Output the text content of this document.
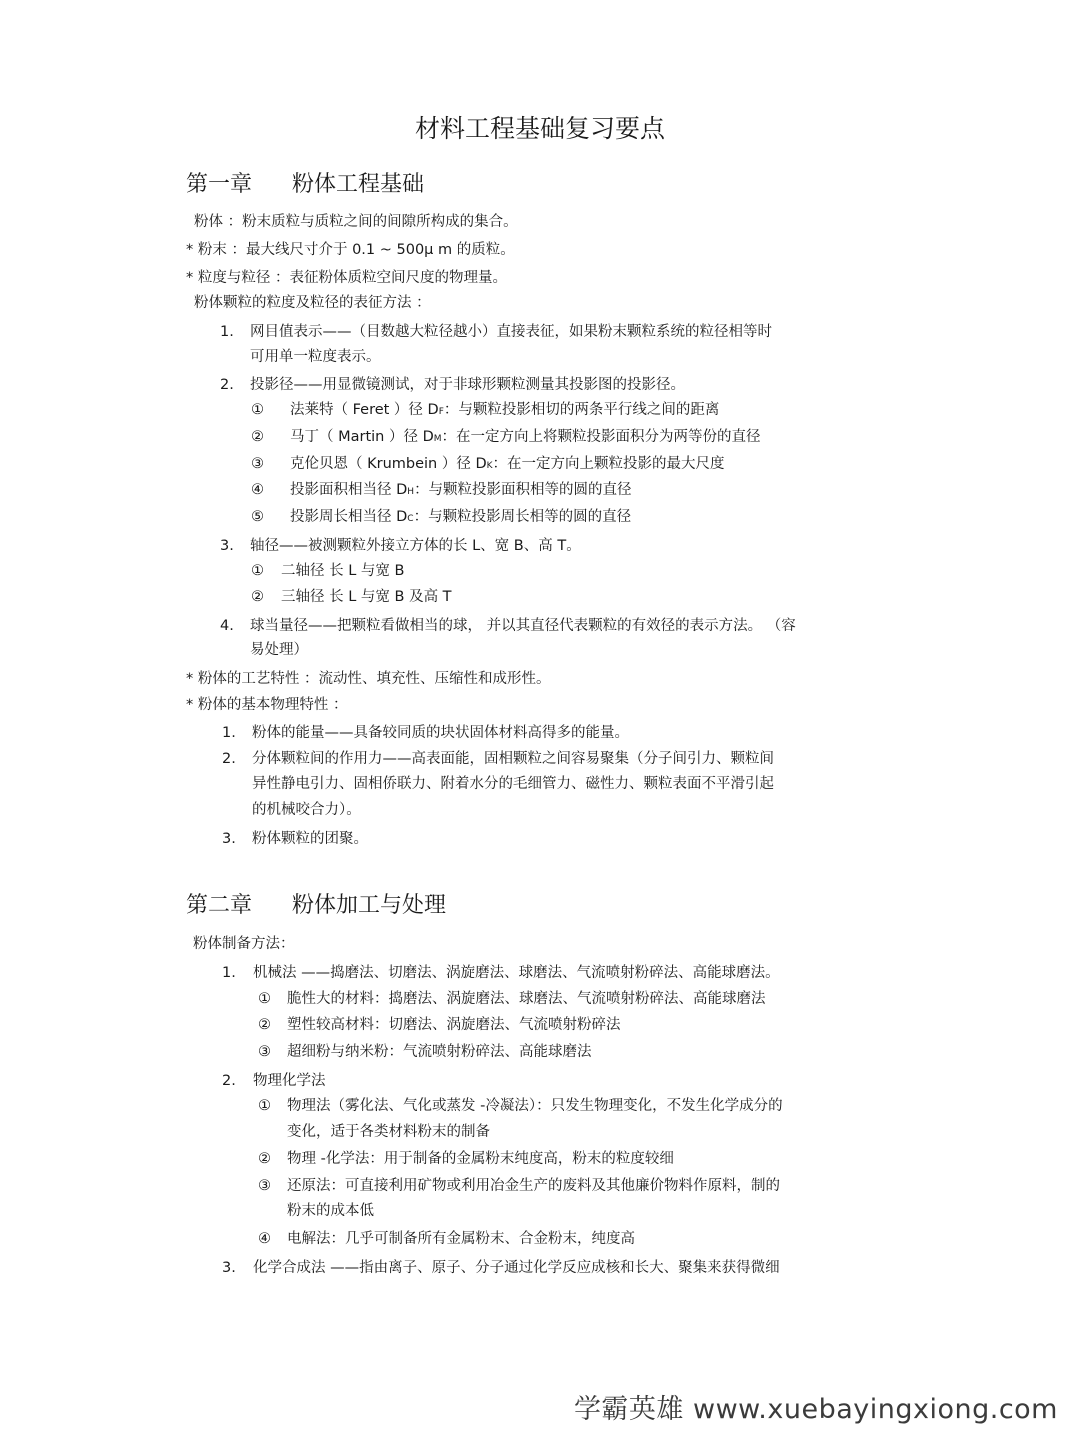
材料工程基础复习要点
第一章 粉体工程基础
粉体 ：粉末质粒与质粒之间的间隙所构成的集合。
* 粉末 ：最大线尺寸介于 0.1 ~ 500μ m 的质粒。
* 粒度与粒径 ：表征粉体质粒空间尺度的物理量。
粉体颗粒的粒度及粒径的表征方法 ：
1. 网目值表示——（目数越大粒径越小）直接表征，如果粉末颗粒系统的粒径相等时
可用单一粒度表示。
2. 投影径——用显微镜测试，对于非球形颗粒测量其投影图的投影径。
① 法莱特（ Feret ）径 DF：与颗粒投影相切的两条平行线之间的距离
② 马丁（ Martin ）径 DM：在一定方向上将颗粒投影面积分为两等份的直径
③ 克伦贝恩（ Krumbein ）径 DK：在一定方向上颗粒投影的最大尺度
④ 投影面积相当径 DH：与颗粒投影面积相等的圆的直径
⑤ 投影周长相当径 DC：与颗粒投影周长相等的圆的直径
3. 轴径——被测颗粒外接立方体的长 L、宽 B、高 T。
① 二轴径 长 L 与宽 B
② 三轴径 长 L 与宽 B 及高 T
4. 球当量径——把颗粒看做相当的球， 并以其直径代表颗粒的有效径的表示方法。 （容
易处理）
* 粉体的工艺特性 ：流动性、填充性、压缩性和成形性。
* 粉体的基本物理特性 ：
1. 粉体的能量——具备较同质的块状固体材料高得多的能量。
2. 分体颗粒间的作用力——高表面能，固相颗粒之间容易聚集（分子间引力、颗粒间
异性静电引力、固相侨联力、附着水分的毛细管力、磁性力、颗粒表面不平滑引起
的机械咬合力）。
3. 粉体颗粒的团聚。
第二章 粉体加工与处理
粉体制备方法：
1. 机械法 ——捣磨法、切磨法、涡旋磨法、球磨法、气流喷射粉碎法、高能球磨法。
① 脆性大的材料：捣磨法、涡旋磨法、球磨法、气流喷射粉碎法、高能球磨法
② 塑性较高材料：切磨法、涡旋磨法、气流喷射粉碎法
③ 超细粉与纳米粉：气流喷射粉碎法、高能球磨法
2. 物理化学法
① 物理法（雾化法、气化或蒸发 -冷凝法）：只发生物理变化，不发生化学成分的
变化，适于各类材料粉末的制备
② 物理 -化学法：用于制备的金属粉末纯度高，粉末的粒度较细
③ 还原法：可直接利用矿物或利用冶金生产的废料及其他廉价物料作原料，制的
粉末的成本低
④ 电解法：几乎可制备所有金属粉末、合金粉末，纯度高
3. 化学合成法 ——指由离子、原子、分子通过化学反应成核和长大、聚集来获得微细
学霸英雄 www.xuebayingxiong.com
